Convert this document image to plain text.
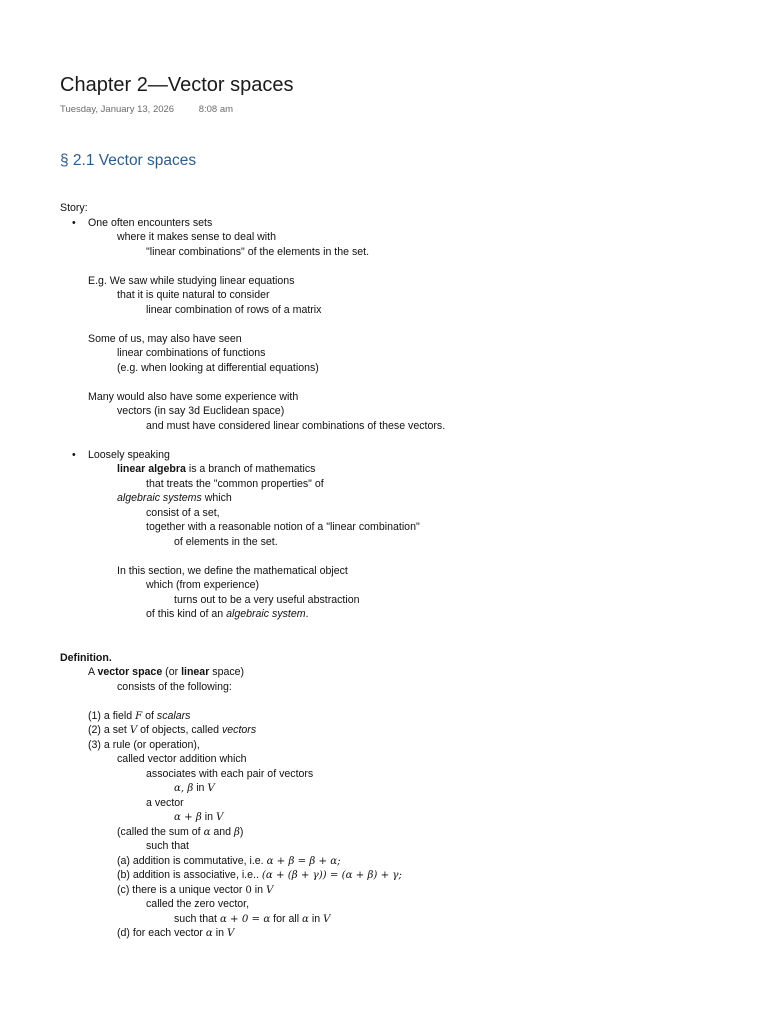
Chapter 2—Vector spaces
Tuesday, January 13, 2026	8:08 am
§ 2.1 Vector spaces
Story:
• One often encounters sets
where it makes sense to deal with
"linear combinations" of the elements in the set.
E.g. We saw while studying linear equations
that it is quite natural to consider
linear combination of rows of a matrix
Some of us, may also have seen
linear combinations of functions
(e.g. when looking at differential equations)
Many would also have some experience with
vectors (in say 3d Euclidean space)
and must have considered linear combinations of these vectors.
• Loosely speaking
linear algebra is a branch of mathematics
that treats the "common properties" of
algebraic systems which
consist of a set,
together with a reasonable notion of a "linear combination"
of elements in the set.
In this section, we define the mathematical object
which (from experience)
turns out to be a very useful abstraction
of this kind of an algebraic system.
Definition.
A vector space (or linear space)
consists of the following:
(1) a field F of scalars
(2) a set V of objects, called vectors
(3) a rule (or operation),
called vector addition which
associates with each pair of vectors
α, β in V
a vector
α + β in V
(called the sum of α and β)
such that
(a) addition is commutative, i.e. α + β = β + α;
(b) addition is associative, i.e.. (α + (β + γ)) = (α + β) + γ;
(c) there is a unique vector 0 in V
called the zero vector,
such that α + 0 = α for all α in V
(d) for each vector α in V
